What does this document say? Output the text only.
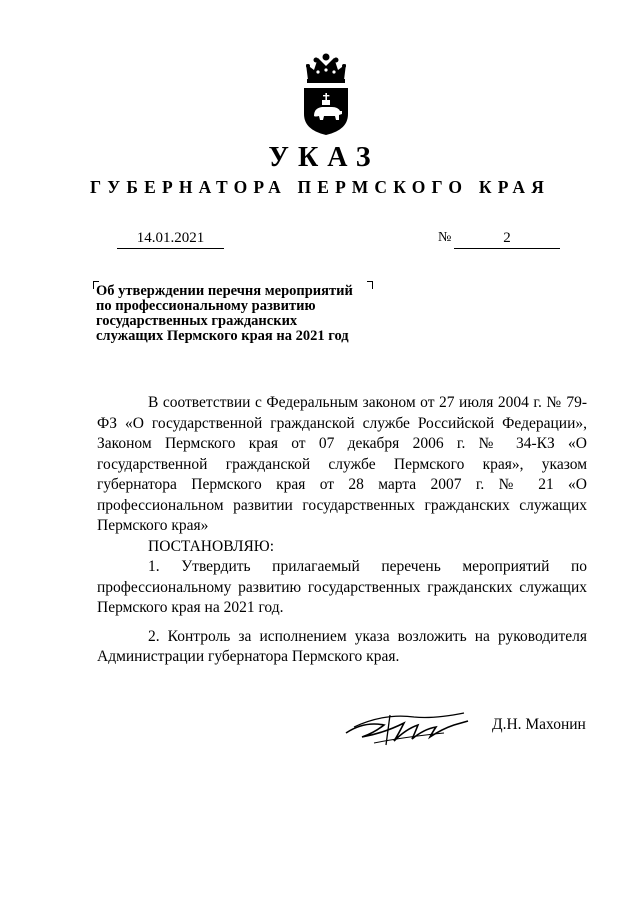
УКАЗ
ГУБЕРНАТОРА ПЕРМСКОГО КРАЯ
14.01.2021	№	2
Об утверждении перечня мероприятий
по профессиональному развитию
государственных гражданских
служащих Пермского края на 2021 год

В соответствии с Федеральным законом от 27 июля 2004 г. № 79-ФЗ «О государственной гражданской службе Российской Федерации», Законом Пермского края от 07 декабря 2006 г. № 34-КЗ «О государственной гражданской службе Пермского края», указом губернатора Пермского края от 28 марта 2007 г. № 21 «О профессиональном развитии государственных гражданских служащих Пермского края»

ПОСТАНОВЛЯЮ:

1. Утвердить прилагаемый перечень мероприятий по профессиональному развитию государственных гражданских служащих Пермского края на 2021 год.

2. Контроль за исполнением указа возложить на руководителя Администрации губернатора Пермского края.

Д.Н. Махонин
